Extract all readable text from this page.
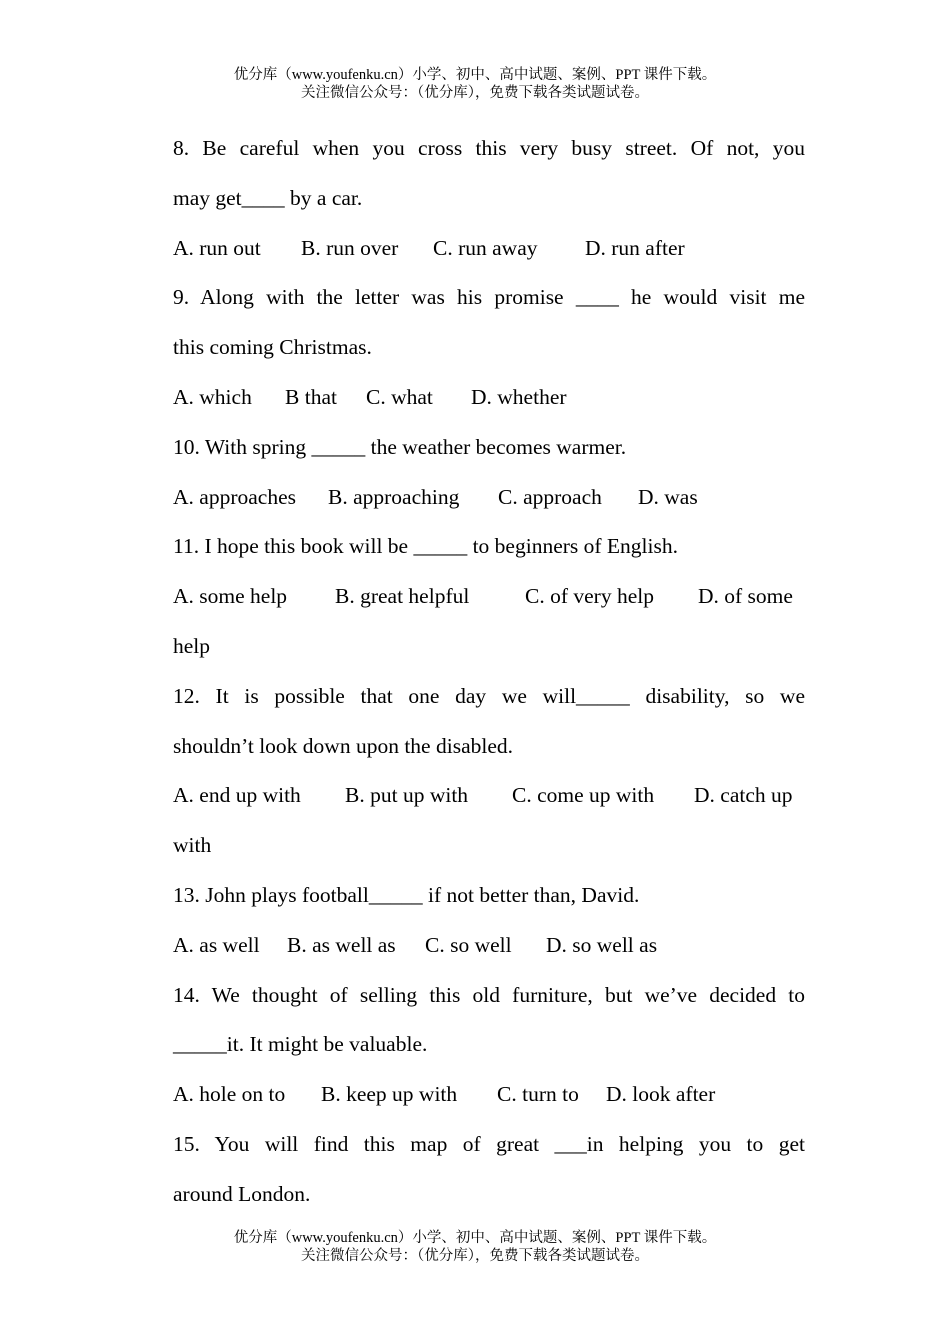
优分库（www.youfenku.cn）小学、初中、高中试题、案例、PPT 课件下载。
关注微信公众号：（优分库），免费下载各类试题试卷。
8. Be careful when you cross this very busy street. Of not, you
may get____ by a car.
A. run out B. run over C. run away D. run after
9. Along with the letter was his promise ____ he would visit me
this coming Christmas.
A. which B that C. what D. whether
10. With spring _____ the weather becomes warmer.
A. approaches B. approaching C. approach D. was
11. I hope this book will be _____ to beginners of English.
A. some help B. great helpful	C. of very help D. of some
help
12. It is possible that one day we will_____ disability, so we
shouldn’t look down upon the disabled.
A. end up with B. put up with C. come up with D. catch up
with
13. John plays football_____ if not better than, David.
A. as well B. as well as C. so well D. so well as
14. We thought of selling this old furniture, but we’ve decided to
_____it. It might be valuable.
A. hole on to B. keep up with C. turn to D. look after
15. You will find this map of great ___in helping you to get
around London.
优分库（www.youfenku.cn）小学、初中、高中试题、案例、PPT 课件下载。
关注微信公众号：（优分库），免费下载各类试题试卷。
